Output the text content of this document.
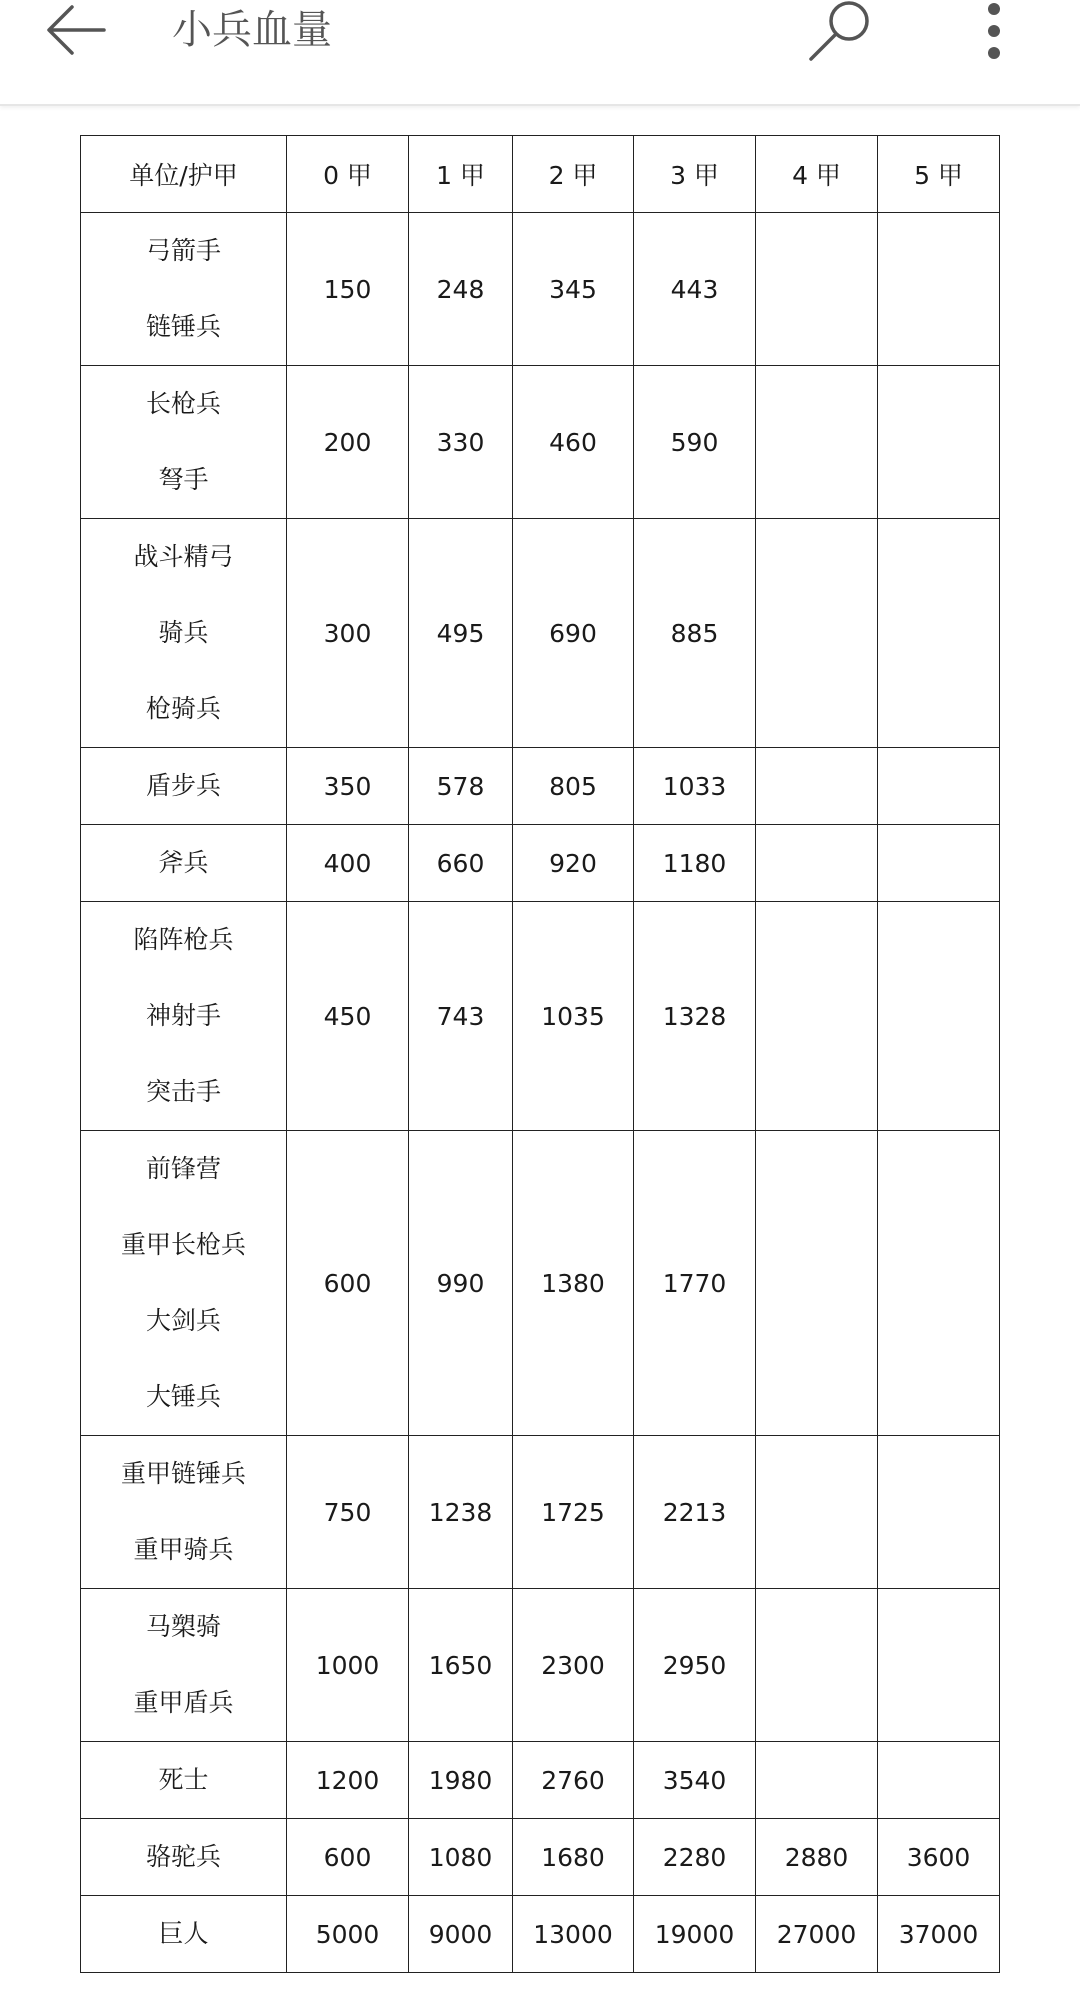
小兵血量
单位/护甲	0 甲	1 甲	2 甲	3 甲	4 甲	5 甲

弓箭手
链锤兵	150	248	345	443		

长枪兵
弩手	200	330	460	590		

战斗精弓
骑兵
枪骑兵	300	495	690	885		

盾步兵	350	578	805	1033		

斧兵	400	660	920	1180		

陷阵枪兵
神射手
突击手	450	743	1035	1328		

前锋营
重甲长枪兵
大剑兵
大锤兵	600	990	1380	1770		

重甲链锤兵
重甲骑兵	750	1238	1725	2213		

马槊骑
重甲盾兵	1000	1650	2300	2950		

死士	1200	1980	2760	3540		

骆驼兵	600	1080	1680	2280	2880	3600

巨人	5000	9000	13000	19000	27000	37000
